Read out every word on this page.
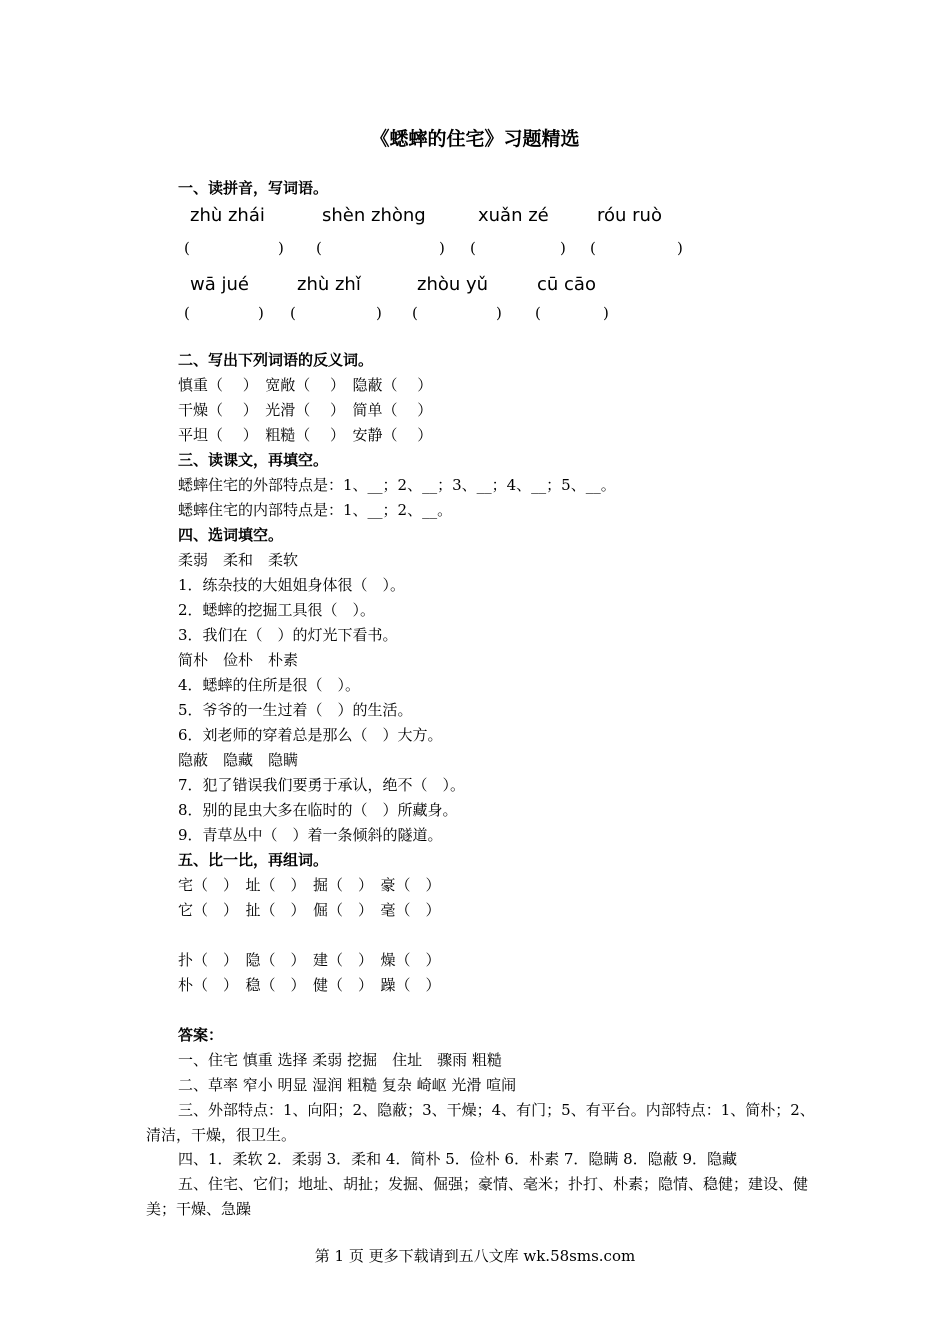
《蟋蟀的住宅》习题精选
一、读拼音，写词语。
zhù zhái	shèn zhòng	xuǎn zé	róu ruò
(	) (	) (	) (	)
wā jué	zhù zhǐ	zhòu yǔ	cū cāo
(	) (	) (	) (	)
二、写出下列词语的反义词。
慎重（　 ）　宽敞（　 ）　隐蔽（　 ）
干燥（　 ）　光滑（　 ）　简单（　 ）
平坦（　 ）　粗糙（　 ）　安静（　 ）
三、读课文，再填空。
蟋蟀住宅的外部特点是：1、__；2、__；3、__；4、__；5、__。
蟋蟀住宅的内部特点是：1、__；2、__。
四、选词填空。
柔弱　柔和　柔软
1．练杂技的大姐姐身体很（　）。
2．蟋蟀的挖掘工具很（　）。
3．我们在（　）的灯光下看书。
简朴　俭朴　朴素
4．蟋蟀的住所是很（　）。
5．爷爷的一生过着（　）的生活。
6．刘老师的穿着总是那么（　）大方。
隐蔽　隐藏　隐瞒
7．犯了错误我们要勇于承认，绝不（　）。
8．别的昆虫大多在临时的（　）所藏身。
9．青草丛中（　）着一条倾斜的隧道。
五、比一比，再组词。
宅（　）　址（　）　掘（　）　豪（　）
它（　）　扯（　）　倔（　）　毫（　）
扑（　）　隐（　）　建（　）　燥（　）
朴（　）　稳（　）　健（　）　躁（　）
答案：
一、住宅 慎重 选择 柔弱 挖掘　住址　骤雨 粗糙
二、草率 窄小 明显 湿润 粗糙 复杂 崎岖 光滑 喧闹
三、外部特点：1、向阳；2、隐蔽；3、干燥；4、有门；5、有平台。内部特点：1、简朴；2、清洁，干燥，很卫生。
四、1．柔软 2．柔弱 3．柔和 4．简朴 5．俭朴 6．朴素 7．隐瞒 8．隐蔽 9．隐藏
五、住宅、它们；地址、胡扯；发掘、倔强；豪情、毫米；扑打、朴素；隐情、稳健；建设、健美；干燥、急躁
第 1 页 更多下载请到五八文库 wk.58sms.com
